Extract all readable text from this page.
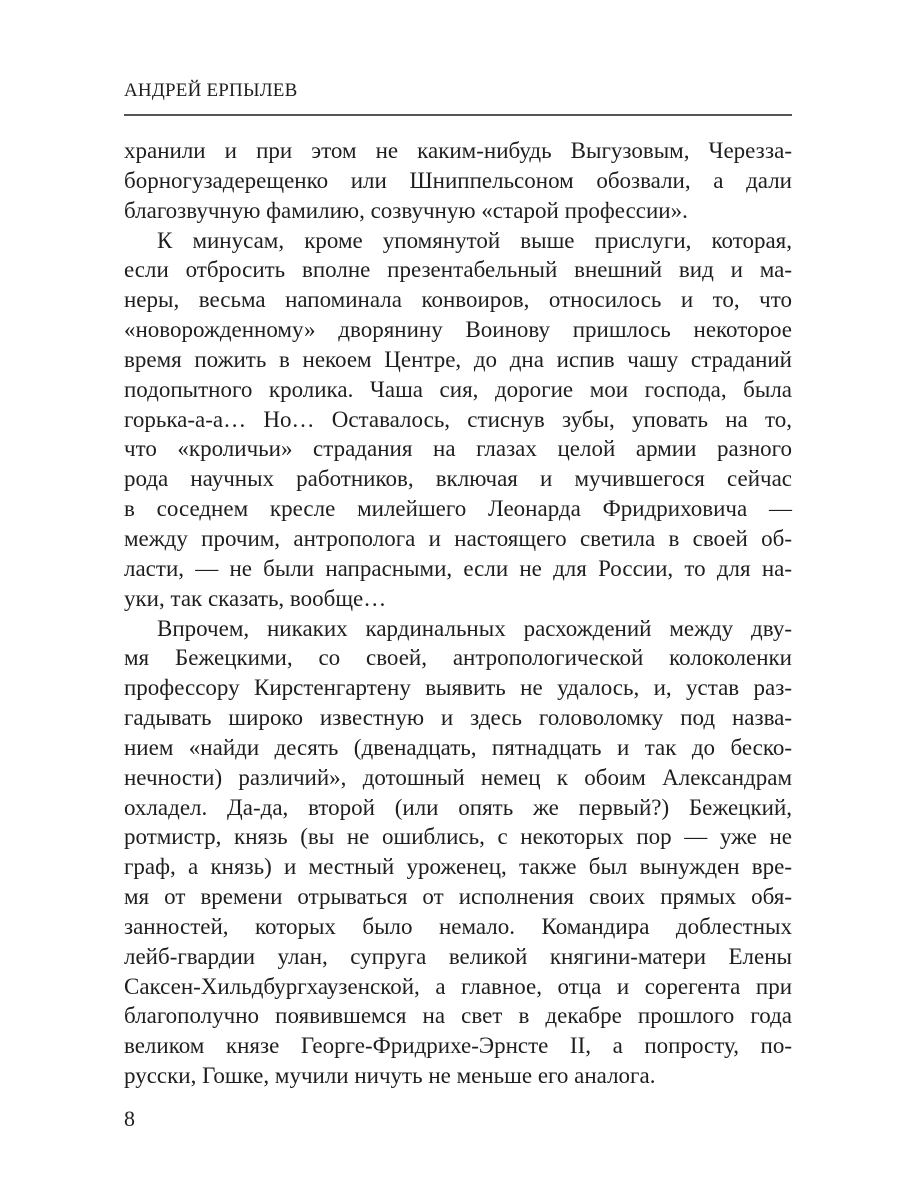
АНДРЕЙ ЕРПЫЛЕВ
хранили и при этом не каким-нибудь Выгузовым, Черезза-
борногузадерещенко или Шниппельсоном обозвали, а дали
благозвучную фамилию, созвучную «старой профессии».
К минусам, кроме упомянутой выше прислуги, которая,
если отбросить вполне презентабельный внешний вид и ма-
неры, весьма напоминала конвоиров, относилось и то, что
«новорожденному» дворянину Воинову пришлось некоторое
время пожить в некоем Центре, до дна испив чашу страданий
подопытного кролика. Чаша сия, дорогие мои господа, была
горька-а-а… Но… Оставалось, стиснув зубы, уповать на то,
что «кроличьи» страдания на глазах целой армии разного
рода научных работников, включая и мучившегося сейчас
в соседнем кресле милейшего Леонарда Фридриховича —
между прочим, антрополога и настоящего светила в своей об-
ласти, — не были напрасными, если не для России, то для на-
уки, так сказать, вообще…
Впрочем, никаких кардинальных расхождений между дву-
мя Бежецкими, со своей, антропологической колоколенки
профессору Кирстенгартену выявить не удалось, и, устав раз-
гадывать широко известную и здесь головоломку под назва-
нием «найди десять (двенадцать, пятнадцать и так до беско-
нечности) различий», дотошный немец к обоим Александрам
охладел. Да-да, второй (или опять же первый?) Бежецкий,
ротмистр, князь (вы не ошиблись, с некоторых пор — уже не
граф, а князь) и местный уроженец, также был вынужден вре-
мя от времени отрываться от исполнения своих прямых обя-
занностей, которых было немало. Командира доблестных
лейб-гвардии улан, супруга великой княгини-матери Елены
Саксен-Хильдбургхаузенской, а главное, отца и сорегента при
благополучно появившемся на свет в декабре прошлого года
великом князе Георге-Фридрихе-Эрнсте II, а попросту, по-
русски, Гошке, мучили ничуть не меньше его аналога.
8
